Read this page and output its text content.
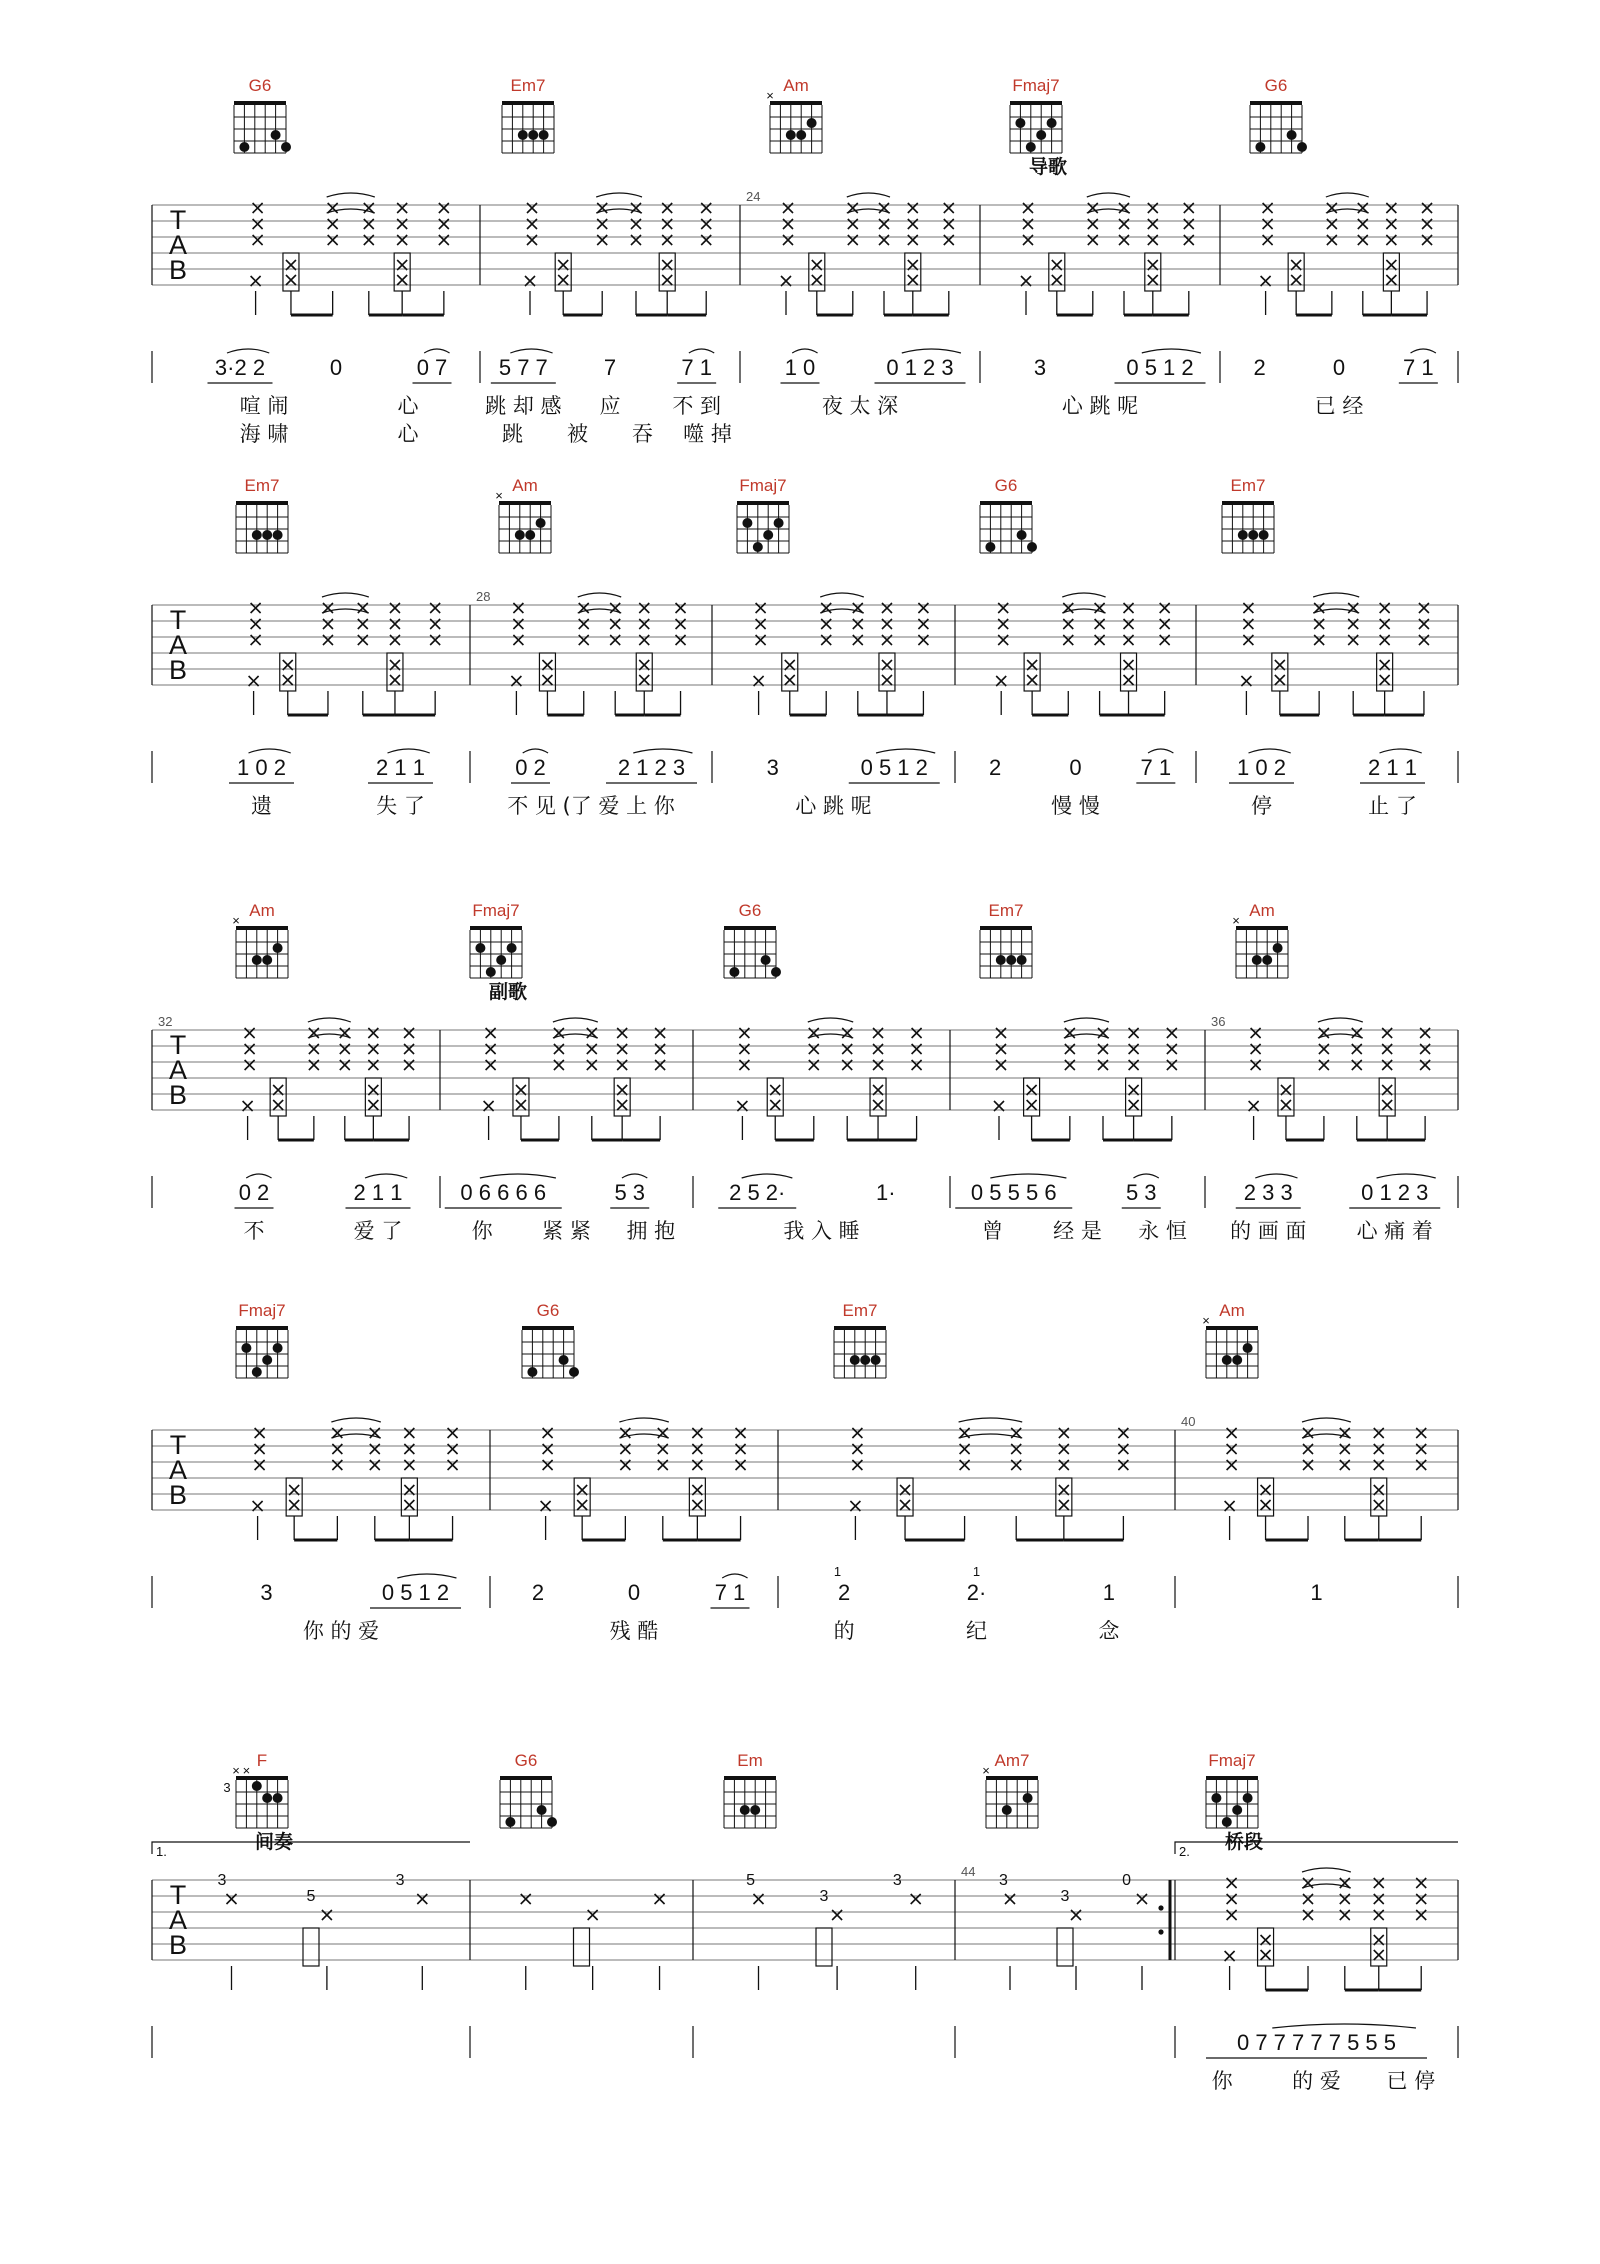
G6	Em7	Am
×
Fmaj7
导歌
G6
T
A
B
24
3·2 2	0	0 7
喧 闹	心
海 啸	心
5 7 7	7	7 1
跳 却 感 应 不 到
跳 被 吞 噬 掉
1 0	0 1 2 3
夜 太 深
3	0 5 1 2
心 跳 呢
2	0	7 1
已 经
Em7	Am
×
Fmaj7	G6	Em7
T
A
B
28
1 0 2	2 1 1
遗	失 了
0 2	2 1 2 3
不 见 (了 爱 上 你
3	0 5 1 2
心 跳 呢
2	0	7 1
慢 慢
1 0 2	2 1 1
停	止 了
Am
×
Fmaj7
副歌
G6	Em7	Am
×
T
A
B
32	36
0 2	2 1 1
不	爱 了
0 6 6 6 6	5 3
你 紧 紧 拥 抱
2 5 2·	1·
我 入 睡
0 5 5 5 6	5 3
曾 经 是 永 恒
2 3 3	0 1 2 3
的 画 面 心 痛 着
Fmaj7	G6	Em7	Am
×
T
A
B
40
3	0 5 1 2
你 的 爱
2	0	7 1
残 酷
2	2·	1
的	纪	念
1
1	1
F
× ×
3
间奏
G6	Em	Am7
×
Fmaj7
桥段
T
A
B
44
3
5
3	5
3
3	3
3
0
0 7 7 7 7 7 5 5 5
你	的 爱 已 停
1.	2.
